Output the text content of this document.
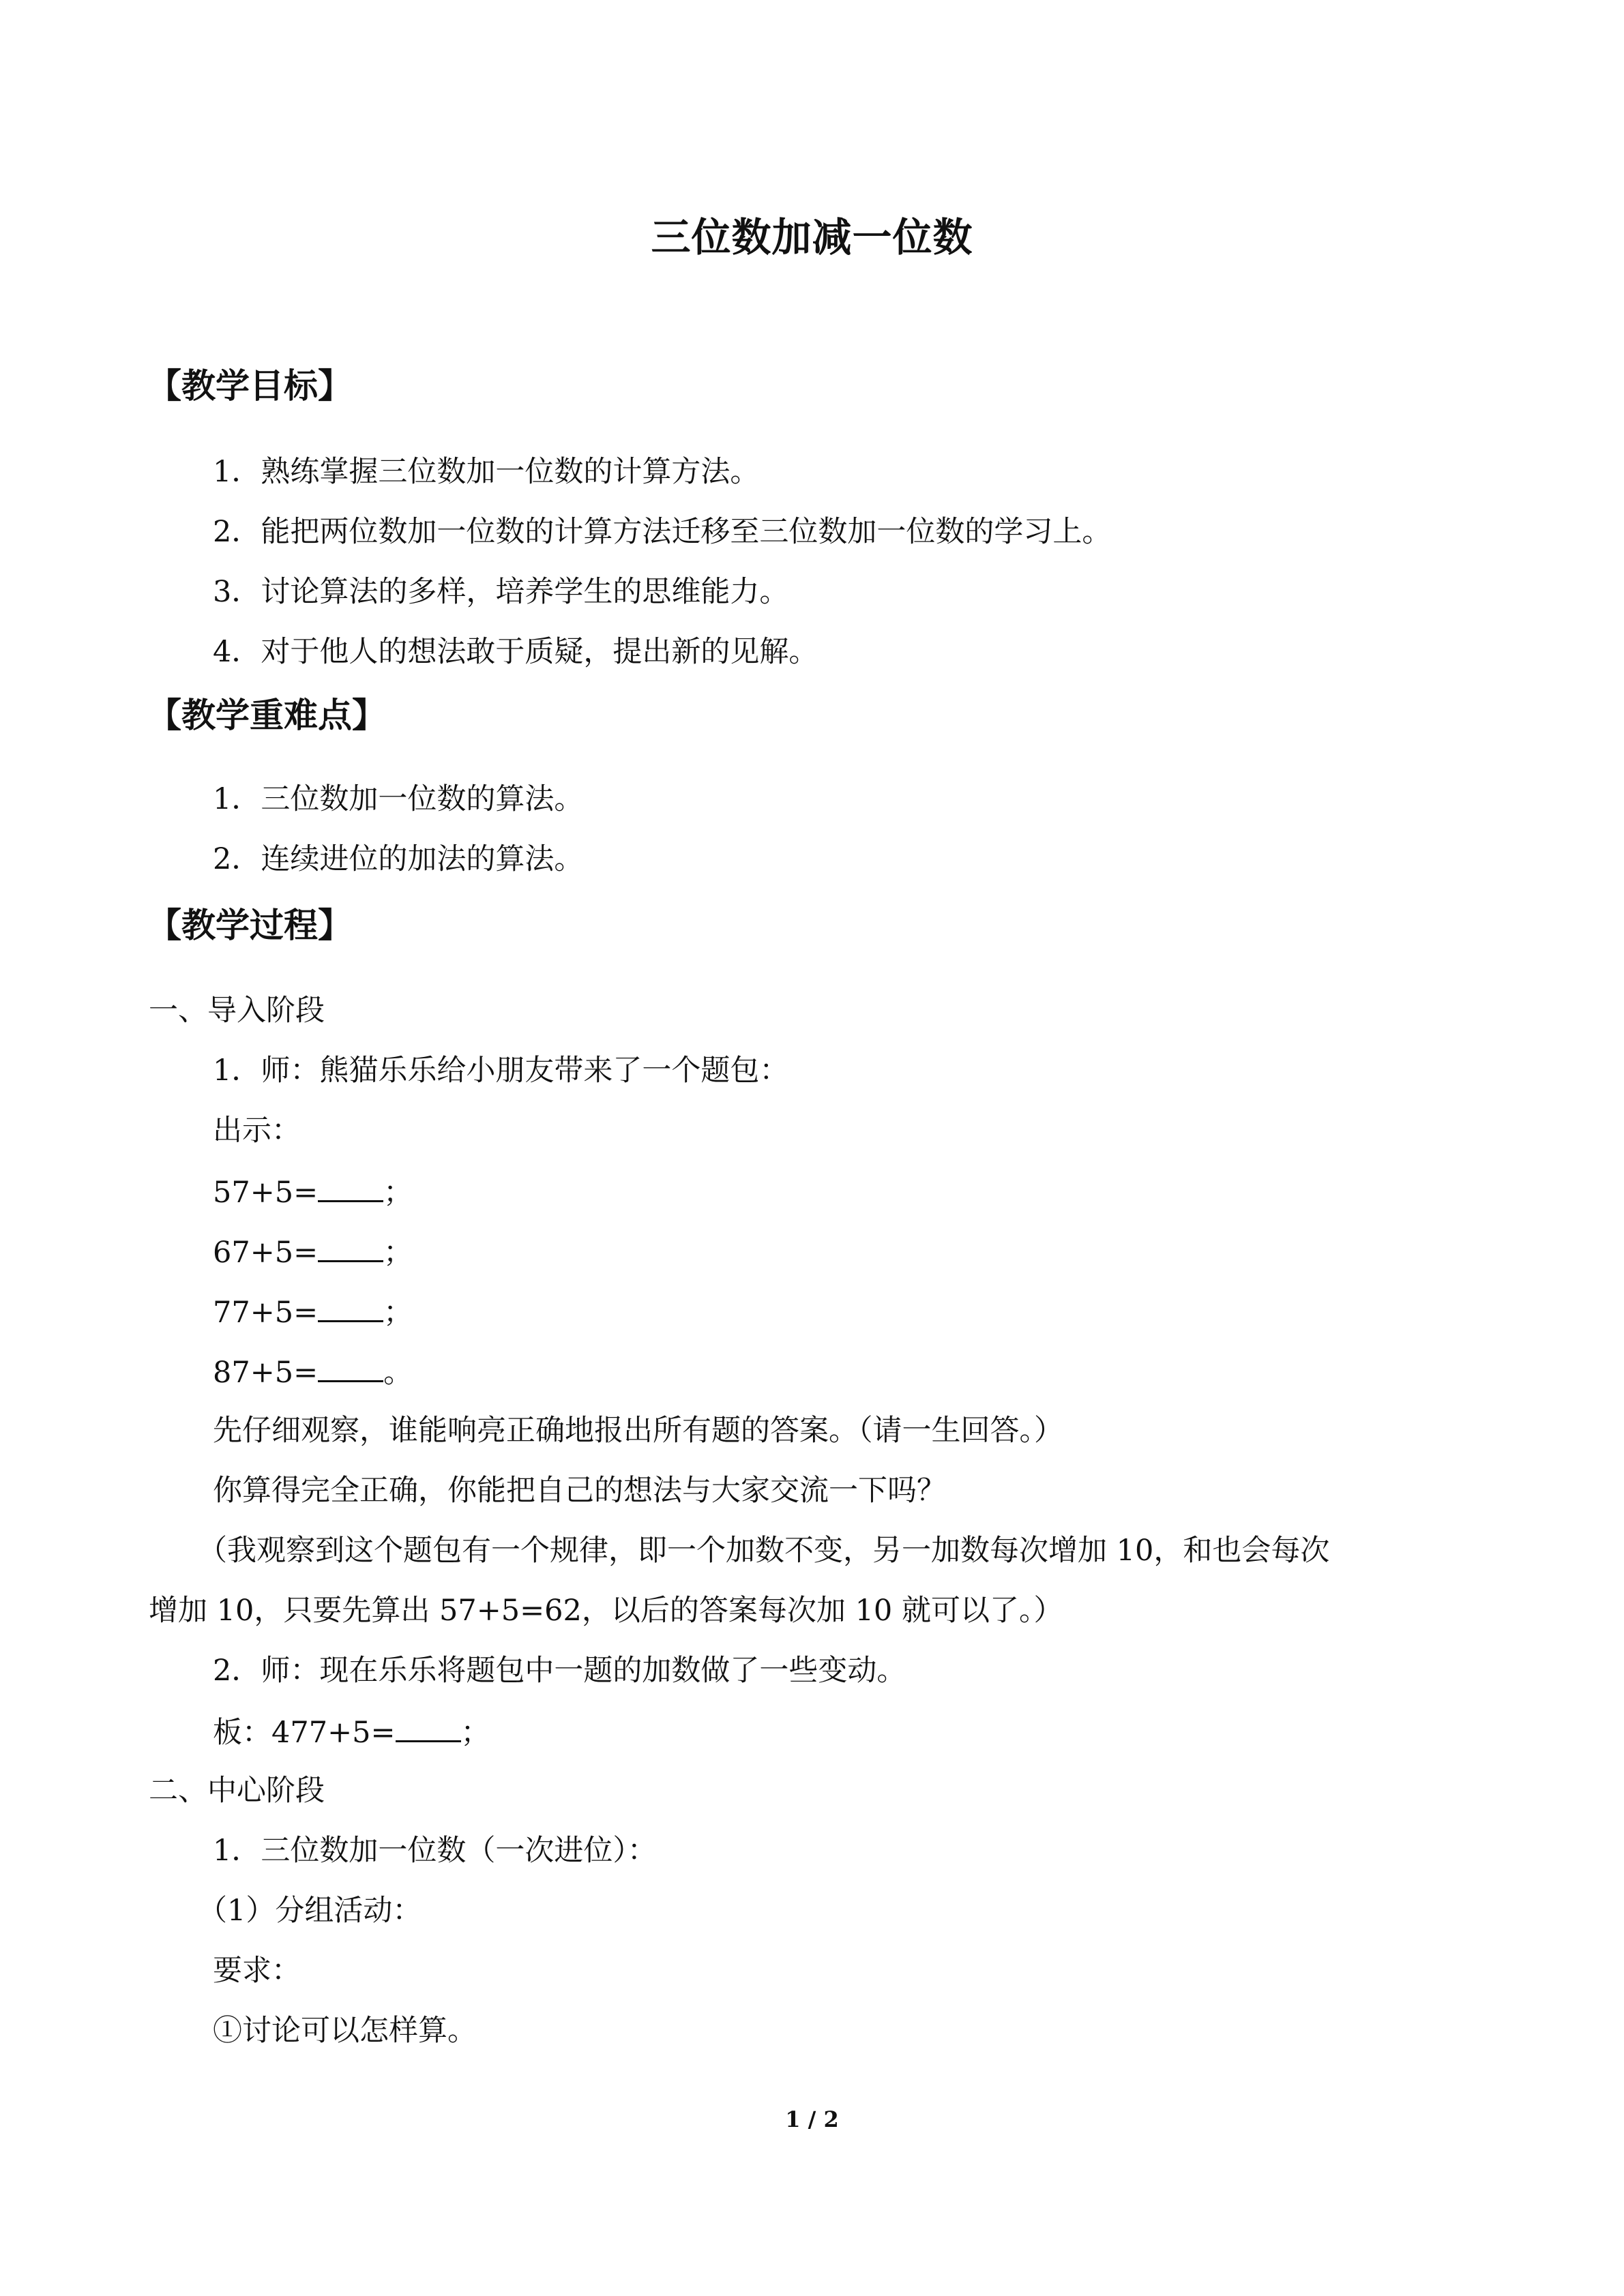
三位数加减一位数
【教学目标】
1．熟练掌握三位数加一位数的计算方法。
2．能把两位数加一位数的计算方法迁移至三位数加一位数的学习上。
3．讨论算法的多样，培养学生的思维能力。
4．对于他人的想法敢于质疑，提出新的见解。
【教学重难点】
1．三位数加一位数的算法。
2．连续进位的加法的算法。
【教学过程】
一、导入阶段
1．师：熊猫乐乐给小朋友带来了一个题包：
出示：
57+5= ；
67+5= ；
77+5= ；
87+5= 。
先仔细观察，谁能响亮正确地报出所有题的答案。（请一生回答。）
你算得完全正确，你能把自己的想法与大家交流一下吗？
（我观察到这个题包有一个规律，即一个加数不变，另一加数每次增加 10，和也会每次
增加 10，只要先算出 57+5=62，以后的答案每次加 10 就可以了。）
2．师：现在乐乐将题包中一题的加数做了一些变动。
板：477+5= ；
二、中心阶段
1．三位数加一位数（一次进位）：
（1）分组活动：
要求：
①讨论可以怎样算。
1 / 2
